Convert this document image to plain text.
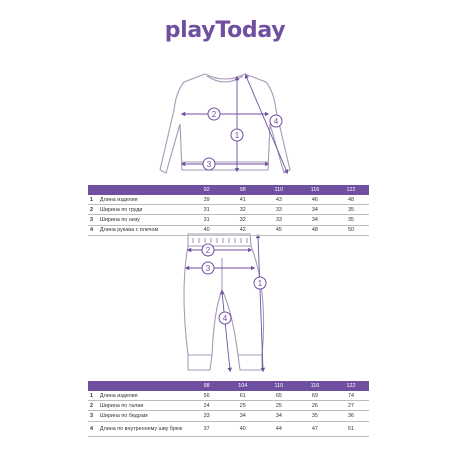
playToday
1
2
3
4
1
2
3
4
92	98	110	116	122
1	Длина изделия	39	41	43	46	48
2	Ширина по груди	31	32	33	34	35
3	Ширина по низу	31	32	33	34	35
4	Длина рукава с плечом	40	42	45	48	50
98	104	110	116	122
1	Длина изделия	56	61	65	69	74
2	Ширина по талии	24	25	25	26	27
3	Ширина по бедрам	33	34	34	35	36
4	Длина по внутреннему шву брюк	37	40	44	47	51
